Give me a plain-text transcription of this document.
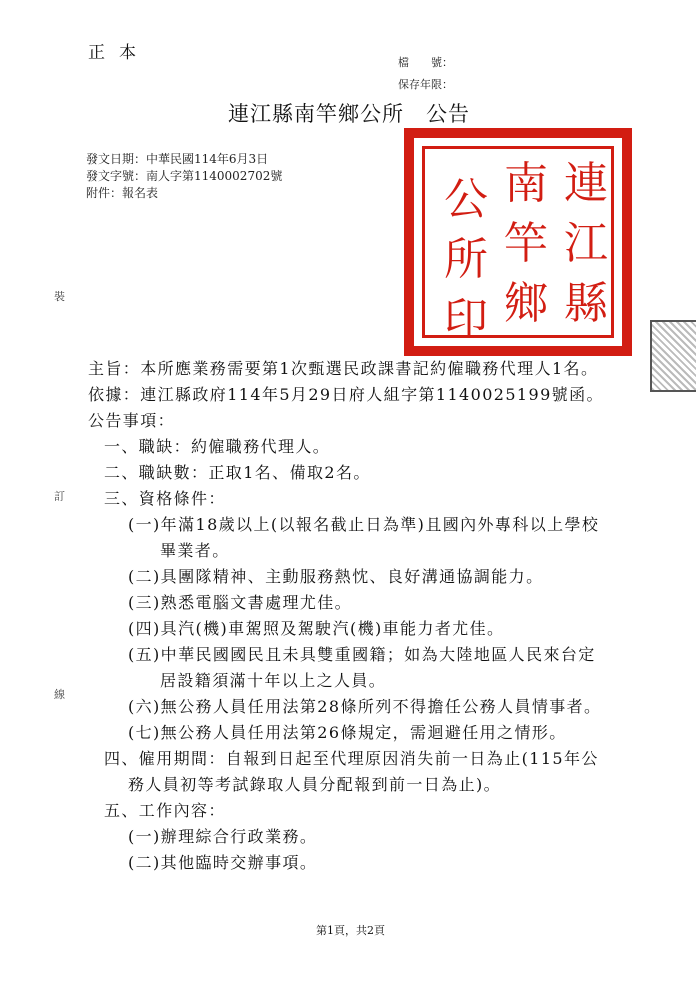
正本	檔　　號：
保存年限：
連江縣南竿鄉公所　公告
發文日期：中華民國114年6月3日
發文字號：南人字第1140002702號
附件：報名表	連
江
縣
南
竿
鄉
公
所
印
裝
訂
線
主旨：本所應業務需要第1次甄選民政課書記約僱職務代理人1名。
依據：連江縣政府114年5月29日府人組字第1140025199號函。
公告事項：
一、職缺：約僱職務代理人。
二、職缺數：正取1名、備取2名。
三、資格條件：
(一)年滿18歲以上(以報名截止日為準)且國內外專科以上學校
畢業者。
(二)具團隊精神、主動服務熱忱、良好溝通協調能力。
(三)熟悉電腦文書處理尤佳。
(四)具汽(機)車駕照及駕駛汽(機)車能力者尤佳。
(五)中華民國國民且未具雙重國籍；如為大陸地區人民來台定
居設籍須滿十年以上之人員。
(六)無公務人員任用法第28條所列不得擔任公務人員情事者。
(七)無公務人員任用法第26條規定，需迴避任用之情形。
四、僱用期間：自報到日起至代理原因消失前一日為止(115年公
務人員初等考試錄取人員分配報到前一日為止)。
五、工作內容：
(一)辦理綜合行政業務。
(二)其他臨時交辦事項。
第1頁，共2頁
